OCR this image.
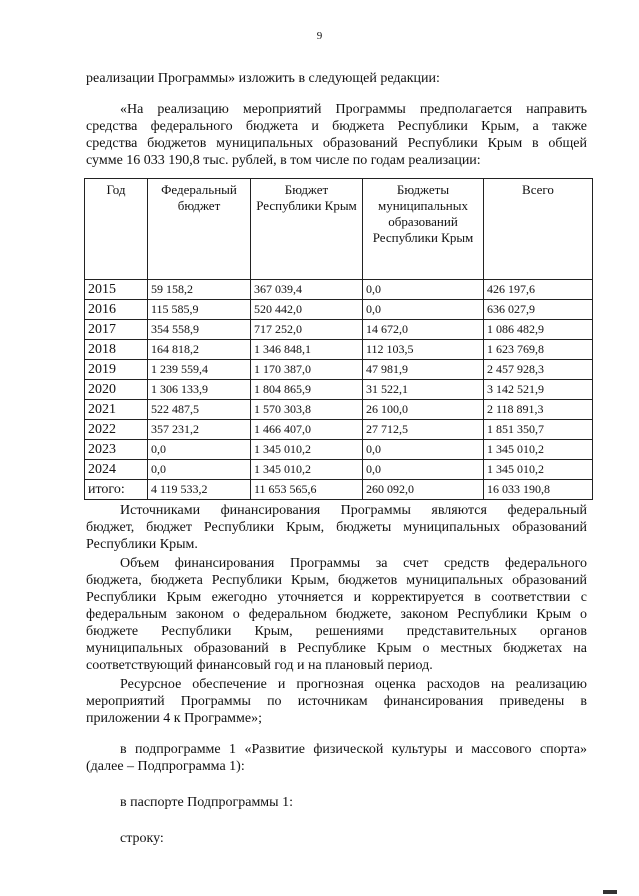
9
реализации Программы» изложить в следующей редакции:
«На реализацию мероприятий Программы предполагается направить
средства федерального бюджета и бюджета Республики Крым, а также
средства бюджетов муниципальных образований Республики Крым в общей
сумме 16 033 190,8 тыс. рублей, в том числе по годам реализации:
Год	Федеральный бюджет	Бюджет Республики Крым	Бюджеты муниципальных образований Республики Крым	Всего
2015	59 158,2	367 039,4	0,0	426 197,6
2016	115 585,9	520 442,0	0,0	636 027,9
2017	354 558,9	717 252,0	14 672,0	1 086 482,9
2018	164 818,2	1 346 848,1	112 103,5	1 623 769,8
2019	1 239 559,4	1 170 387,0	47 981,9	2 457 928,3
2020	1 306 133,9	1 804 865,9	31 522,1	3 142 521,9
2021	522 487,5	1 570 303,8	26 100,0	2 118 891,3
2022	357 231,2	1 466 407,0	27 712,5	1 851 350,7
2023	0,0	1 345 010,2	0,0	1 345 010,2
2024	0,0	1 345 010,2	0,0	1 345 010,2
итого:	4 119 533,2	11 653 565,6	260 092,0	16 033 190,8
Источниками финансирования Программы являются федеральный
бюджет, бюджет Республики Крым, бюджеты муниципальных образований
Республики Крым.
Объем финансирования Программы за счет средств федерального
бюджета, бюджета Республики Крым, бюджетов муниципальных образований
Республики Крым ежегодно уточняется и корректируется в соответствии с
федеральным законом о федеральном бюджете, законом Республики Крым о
бюджете Республики Крым, решениями представительных органов
муниципальных образований в Республике Крым о местных бюджетах на
соответствующий финансовый год и на плановый период.
Ресурсное обеспечение и прогнозная оценка расходов на реализацию
мероприятий Программы по источникам финансирования приведены в
приложении 4 к Программе»;
в подпрограмме 1 «Развитие физической культуры и массового спорта»
(далее – Подпрограмма 1):
в паспорте Подпрограммы 1:
строку:
